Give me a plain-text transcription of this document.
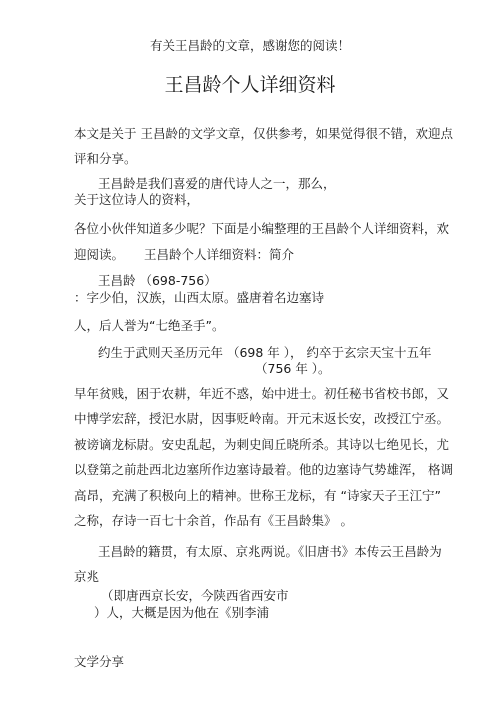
有关王昌龄的文章，感谢您的阅读！
王昌龄个人详细资料
本文是关于 王昌龄的文学文章，仅供参考，如果觉得很不错，欢迎点
评和分享。
王昌龄是我们喜爱的唐代诗人之一，那么，
关于这位诗人的资料，
各位小伙伴知道多少呢？下面是小编整理的王昌龄个人详细资料，欢
迎阅读。 王昌龄个人详细资料：简介
王昌龄 （698-756）
：字少伯，汉族，山西太原。盛唐着名边塞诗
人，后人誉为“七绝圣手”。
约生于武则天圣历元年 （698 年 ）， 约卒于玄宗天宝十五年
（756 年 ）。
早年贫贱，困于农耕，年近不惑，始中进士。初任秘书省校书郎，又
中博学宏辞，授汜水尉，因事贬岭南。开元末返长安，改授江宁丞。
被谤谪龙标尉。安史乱起，为刺史闾丘晓所杀。其诗以七绝见长，尤
以登第之前赴西北边塞所作边塞诗最着。他的边塞诗气势雄浑， 格调
高昂，充满了积极向上的精神。世称王龙标，有 “诗家天子王江宁”
之称，存诗一百七十余首，作品有《王昌龄集》 。
王昌龄的籍贯，有太原、京兆两说。《旧唐书》本传云王昌龄为
京兆
（即唐西京长安，今陕西省西安市
）人，大概是因为他在《别李浦
文学分享
